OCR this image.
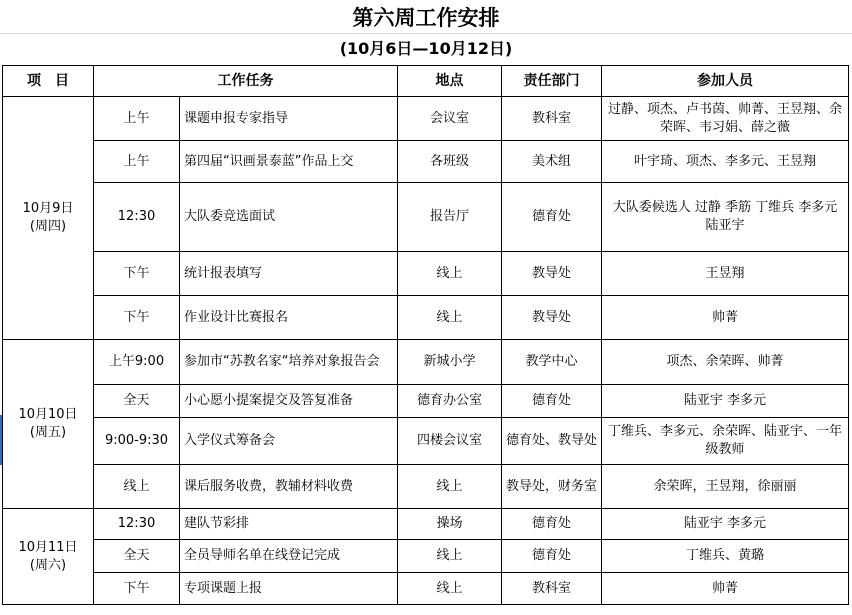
第六周工作安排
(10月6日—10月12日)
项　目	工作任务		地点	责任部门	参加人员
10月9日
(周四)	上午	课题申报专家指导	会议室	教科室	过静、项杰、卢书茵、帅菁、王昱翔、余荣晖、韦习娟、薛之薇
	上午	第四届“识画景泰蓝”作品上交	各班级	美术组	叶宇琦、项杰、李多元、王昱翔
	12:30	大队委竞选面试	报告厅	德育处	大队委候选人 过静 季筋 丁维兵 李多元 陆亚宇
	下午	统计报表填写	线上	教导处	王昱翔
	下午	作业设计比赛报名	线上	教导处	帅菁
10月10日
(周五)	上午9:00	参加市“苏教名家“培养对象报告会	新城小学	教学中心	项杰、余荣晖、帅菁
	全天	小心愿小提案提交及答复准备	德育办公室	德育处	陆亚宇 李多元
	9:00-9:30	入学仪式筹备会	四楼会议室	德育处、教导处	丁维兵、李多元、余荣晖、陆亚宇、一年级教师
	线上	课后服务收费，教辅材料收费	线上	教导处，财务室	余荣晖，王昱翔，徐丽丽
10月11日
(周六)	12:30	建队节彩排	操场	德育处	陆亚宇 李多元
	全天	全员导师名单在线登记完成	线上	德育处	丁维兵、黄璐
	下午	专项课题上报	线上	教科室	帅菁
